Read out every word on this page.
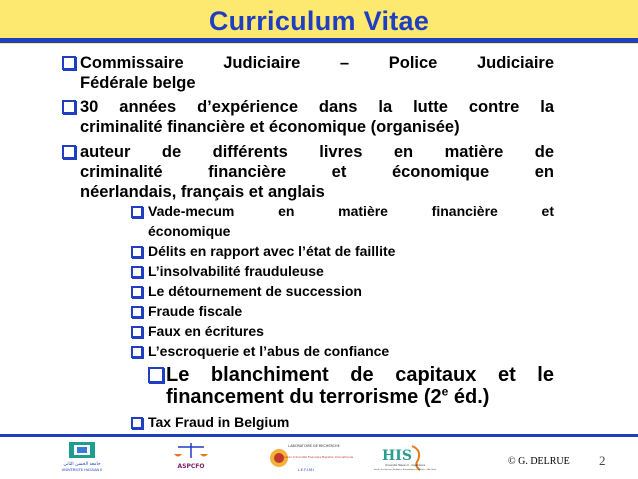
Curriculum Vitae
Commissaire Judiciaire – Police Judiciaire
Fédérale belge
30 années d’expérience dans la lutte contre la
criminalité financière et économique (organisée)
auteur de différents livres en matière de
criminalité financière et économique en
néerlandais, français et anglais
Vade-mecum en matière financière et
économique
Délits en rapport avec l’état de faillite
L’insolvabilité frauduleuse
Le détournement de succession
Fraude fiscale
Faux en écritures
L’escroquerie et l’abus de confiance
Le blanchiment de capitaux et le
financement du terrorisme (2e éd.)
Tax Fraud in Belgium
جامعة الحسن الثاني
UNIVERSITE HASSAN II	ASPCFO
LABORATOIRE DE RECHERCHE
Formation Criminalité Financière Migration Internationale
L.E.F.I.M.I
HIS
Université Hassan II – Casablanca
Faculté des Sciences Juridiques, Economiques et Sociales – Ain Chock
© G. DELRUE 2
